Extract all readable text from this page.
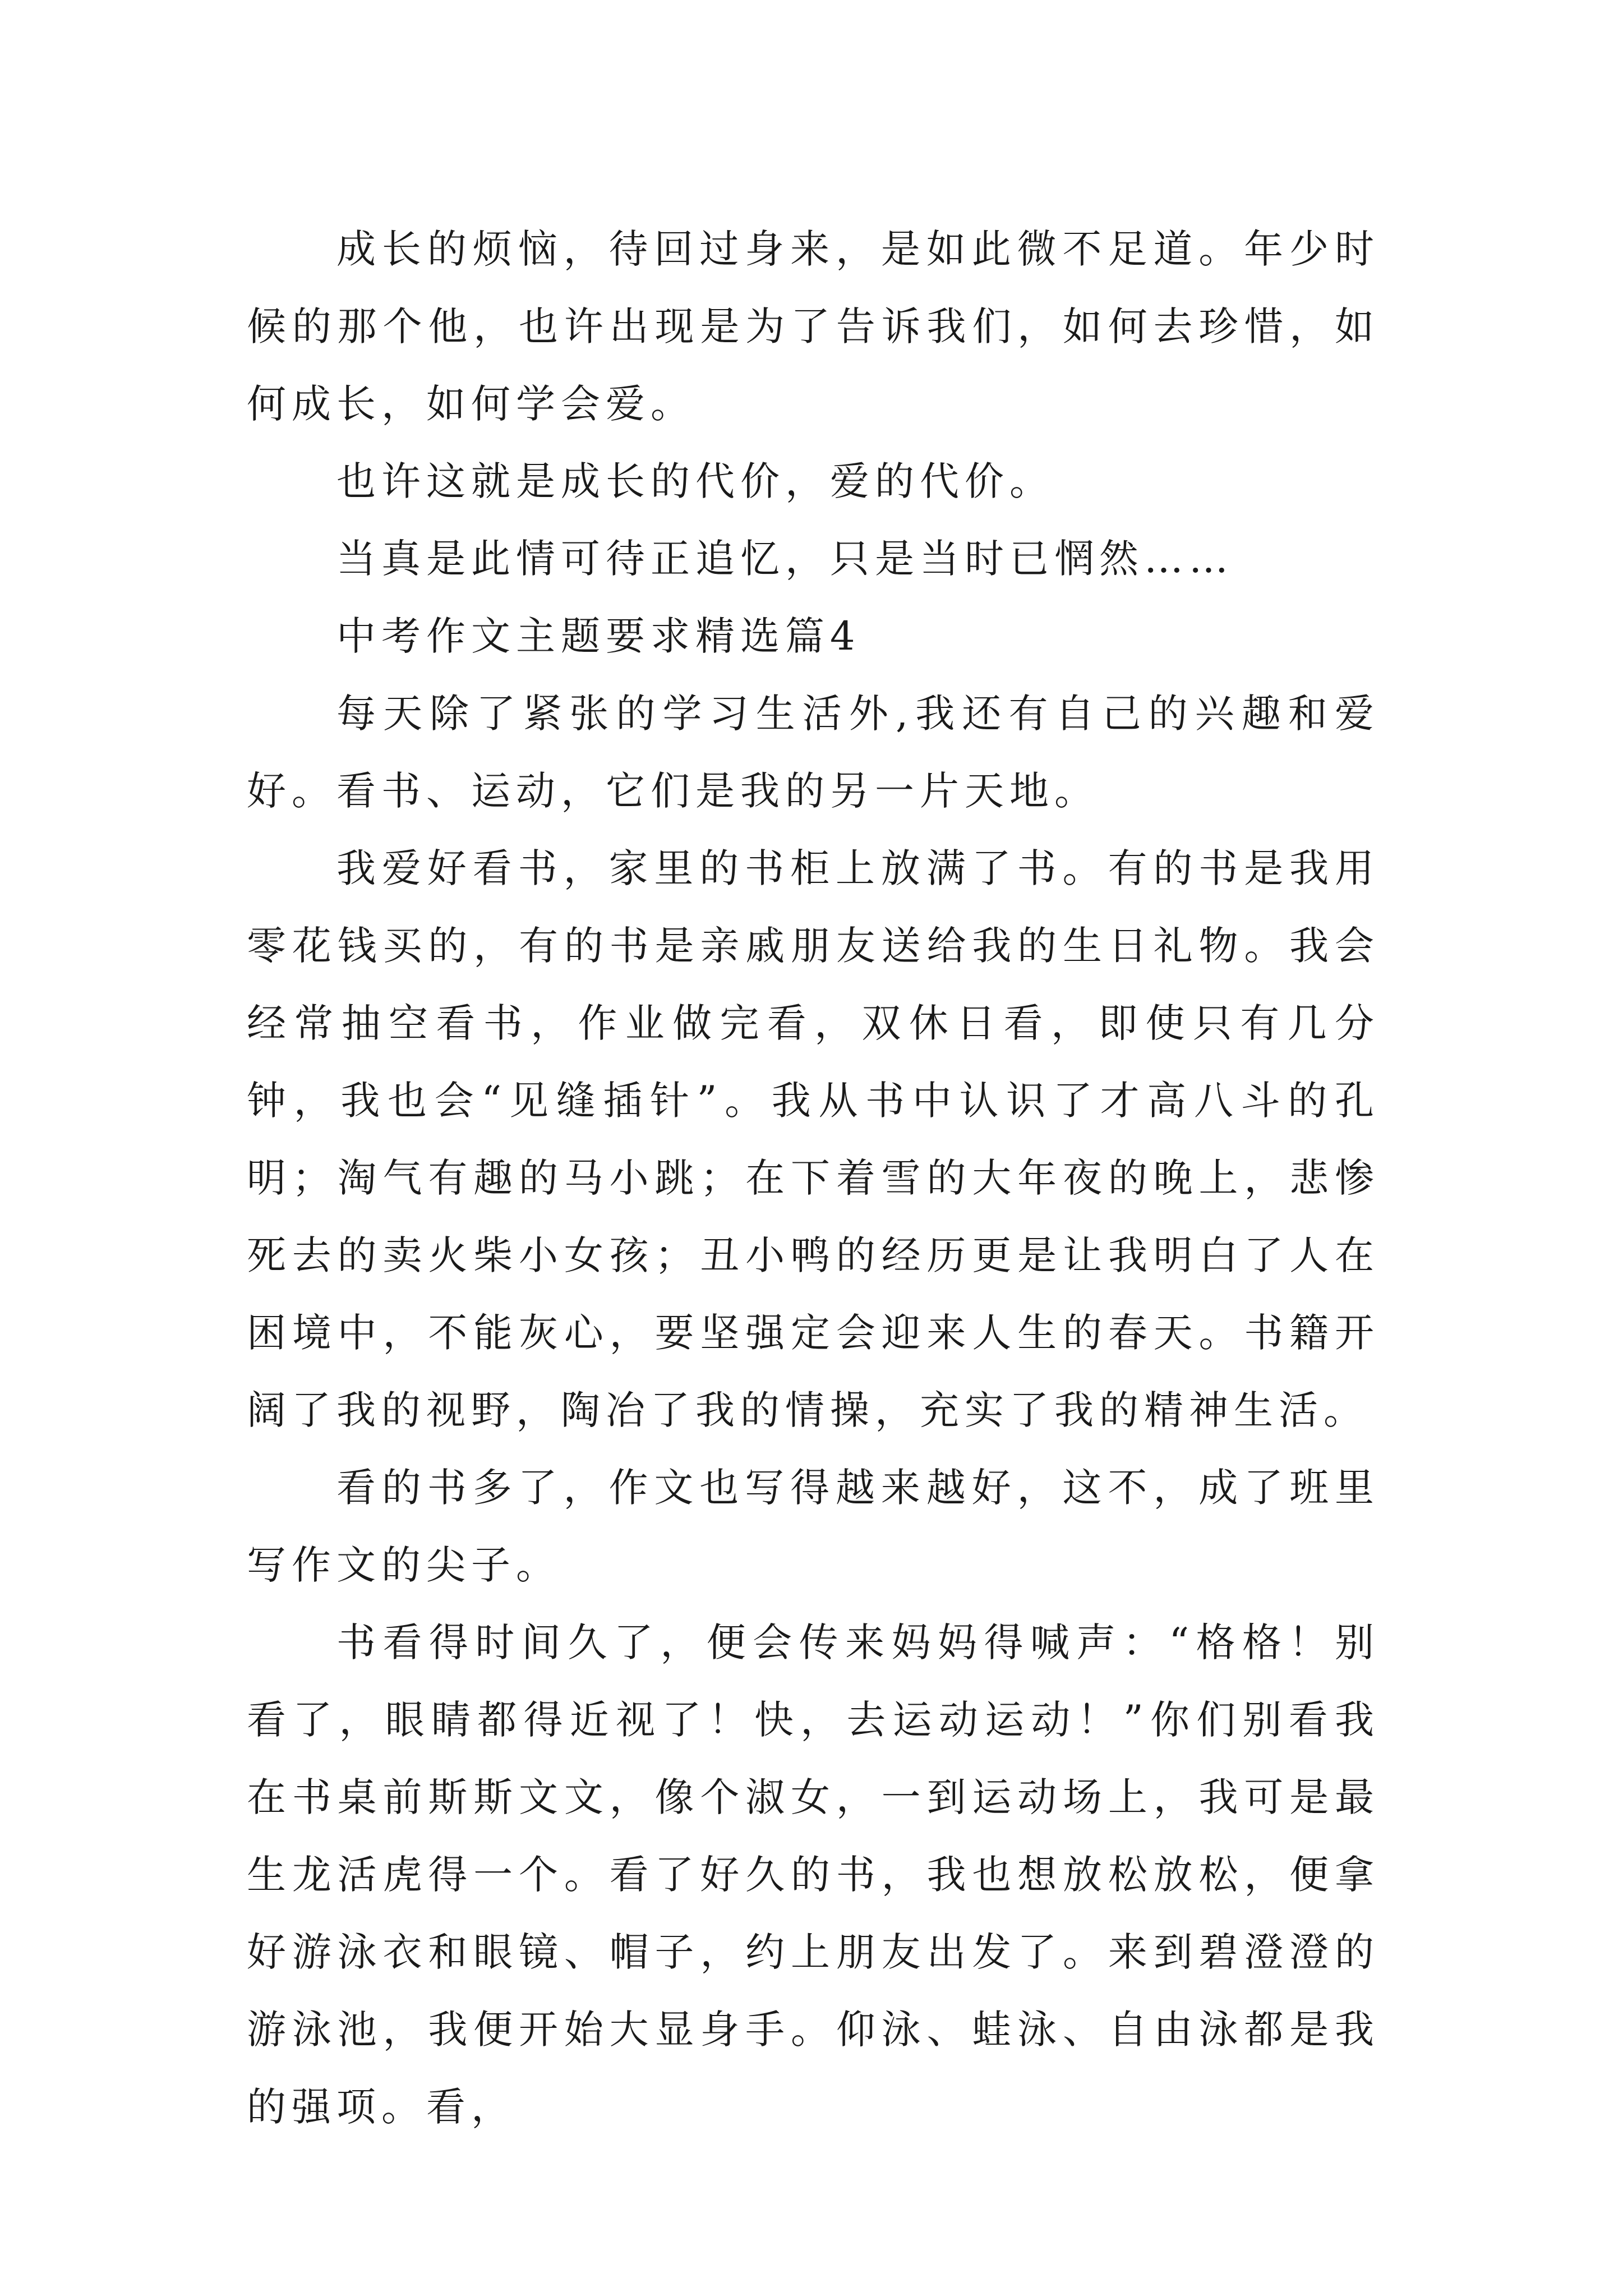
成长的烦恼，待回过身来，是如此微不足道。年少时候的那个他，也许出现是为了告诉我们，如何去珍惜，如何成长，如何学会爱。

也许这就是成长的代价，爱的代价。

当真是此情可待正追忆，只是当时已惘然……

中考作文主题要求精选篇4

每天除了紧张的学习生活外,我还有自己的兴趣和爱好。看书、运动，它们是我的另一片天地。

我爱好看书，家里的书柜上放满了书。有的书是我用零花钱买的，有的书是亲戚朋友送给我的生日礼物。我会经常抽空看书，作业做完看，双休日看，即使只有几分钟，我也会“见缝插针”。我从书中认识了才高八斗的孔明；淘气有趣的马小跳；在下着雪的大年夜的晚上，悲惨死去的卖火柴小女孩；丑小鸭的经历更是让我明白了人在困境中，不能灰心，要坚强定会迎来人生的春天。书籍开阔了我的视野，陶冶了我的情操，充实了我的精神生活。

看的书多了，作文也写得越来越好，这不，成了班里写作文的尖子。

书看得时间久了，便会传来妈妈得喊声：“格格！别看了，眼睛都得近视了！快，去运动运动！”你们别看我在书桌前斯斯文文，像个淑女，一到运动场上，我可是最生龙活虎得一个。看了好久的书，我也想放松放松，便拿好游泳衣和眼镜、帽子，约上朋友出发了。来到碧澄澄的游泳池，我便开始大显身手。仰泳、蛙泳、自由泳都是我的强项。看，
